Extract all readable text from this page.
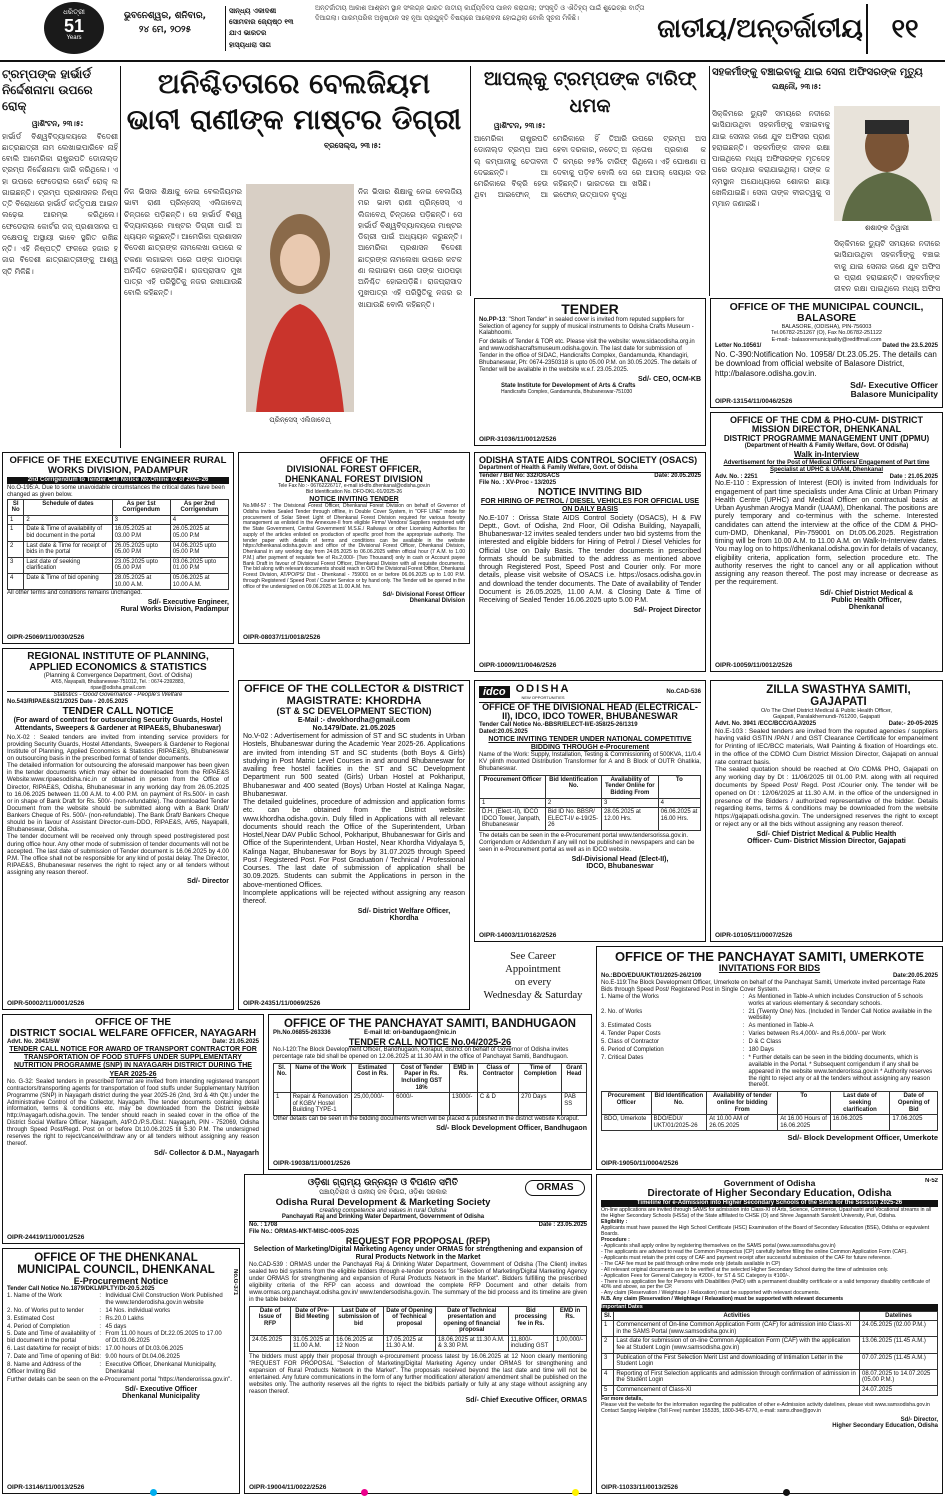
ଧରିତ୍ରୀ
51
Years
ଭୁବନେଶ୍ୱର, ଶନିବାର,
୨୪ ମେ, ୨୦୨୫
ସାନ୍ଧ୍ୟ ଏକାଦଶୀ ସୋମବାର ଜ୍ୟେଷ୍ଠ ୧୩ ଯାଏ ଭାରତର
ହାସ୍ୟଧାରା ସାଗ
ଅନ୍ତର୍ଜାତୀୟ ଆକାଶ ଆଶ୍ରମ ସ୍ଥାନ ସଂଲଗ୍ନ ଭାରତ ଜାତୀୟ କାର୍ଯ୍ୟଦିବସ ପାଳନ କରାଗଲା; ସଂସ୍କୃତି ଓ ଐତିହ୍ୟ ପାଇଁ ଶୁଭେଚ୍ଛା ବାର୍ତ୍ତା ଦିଆଗଲା। ପାରମ୍ପରିକ ଅନୁଷ୍ଠାନ ସହ ନୂଆ ପ୍ରଯୁକ୍ତି ବିଷୟରେ ଆଲୋଚନା ହୋଇଥିଲା ବୋଲି ସୂଚନା ମିଳିଛି।	ଜାତୀୟ/ଅନ୍ତର୍ଜାତୀୟ	୧୧
ଟ୍ରମ୍ପଙ୍କ ହାର୍ଭାର୍ଡ ନିର୍ଦ୍ଦେଶନାମା ଉପରେ ରୋକ୍
ୱାଶିଂଟନ, ୨୩।୫:
ହାର୍ଭାର୍ଡ ବିଶ୍ୱବିଦ୍ୟାଳୟରେ ବିଦେଶୀ ଛାତ୍ରଛାତ୍ରୀ ନାମ ଲେଖାଇପାରିବେ ନାହିଁ ବୋଲି ଆମେରିକା ରାଷ୍ଟ୍ରପତି ଡୋନାଲ୍ଡ ଟ୍ରମ୍ପ ନିର୍ଦ୍ଦେଶନାମା ଜାରି କରିଥିଲେ। ଏହା ଉପରେ ଫେଡେରାଲ କୋର୍ଟ ରୋକ୍ ଲଗାଇଛନ୍ତି। ଟ୍ରମ୍ପ ପ୍ରଶାସନର ନିଷ୍ପତ୍ତି ବିରୋଧରେ ହାର୍ଭାର୍ଡ କର୍ତ୍ତୃପକ୍ଷ ଆଇନ ଲଢ଼େଇ ଆରମ୍ଭ କରିଥିଲେ। ଫେଡେରାଲ କୋର୍ଟର ଜଜ୍ ପ୍ରଶାସନର ପଦକ୍ଷେପକୁ ଅସ୍ଥାୟୀ ଭାବେ ସ୍ଥଗିତ ରଖିଛନ୍ତି। ଏହି ନିଷ୍ପତ୍ତି ଫଳରେ ହଜାର ହଜାର ବିଦେଶୀ ଛାତ୍ରଛାତ୍ରୀଙ୍କୁ ଆଶ୍ୱସ୍ତି ମିଳିଛି।
ଅନିଶ୍ଚିତତାରେ ବେଲଜିୟମ
ଭାବୀ ରାଣୀଙ୍କ ମାଷ୍ଟର ଡିଗ୍ରୀ
ବ୍ରସେଲ୍ସ, ୨୩।୫:
ନିଜ ଭିସାର ଶିକ୍ଷାକୁ ନେଇ ବେଲଜିୟମର ଭାବୀ ରାଣୀ ପ୍ରିନ୍ସେସ୍ ଏଲିଜାବେଥ୍ ଚିନ୍ତାରେ ପଡ଼ିଛନ୍ତି। ସେ ହାର୍ଭାର୍ଡ ବିଶ୍ୱବିଦ୍ୟାଳୟରେ ମାଷ୍ଟର ଡିଗ୍ରୀ ପାଇଁ ଅଧ୍ୟୟନ କରୁଛନ୍ତି। ଆମେରିକା ପ୍ରଶାସନ ବିଦେଶୀ ଛାତ୍ରଙ୍କ ନାମଲେଖା ଉପରେ କଟକଣା ଲଗାଇବା ପରେ ତାଙ୍କ ପାଠପଢ଼ା ଅନିଶ୍ଚିତ ହୋଇପଡ଼ିଛି। ରାଜପ୍ରାସାଦ ମୁଖପାତ୍ର ଏହି ପରିସ୍ଥିତିକୁ ନଜର ରଖାଯାଉଛି ବୋଲି କହିଛନ୍ତି।
ପ୍ରିନ୍ସେସ୍ ଏଲିଜାବେଥ୍
ନିଜ ଭିସାର ଶିକ୍ଷାକୁ ନେଇ ବେଲଜିୟମର ଭାବୀ ରାଣୀ ପ୍ରିନ୍ସେସ୍ ଏଲିଜାବେଥ୍ ଚିନ୍ତାରେ ପଡ଼ିଛନ୍ତି। ସେ ହାର୍ଭାର୍ଡ ବିଶ୍ୱବିଦ୍ୟାଳୟରେ ମାଷ୍ଟର ଡିଗ୍ରୀ ପାଇଁ ଅଧ୍ୟୟନ କରୁଛନ୍ତି। ଆମେରିକା ପ୍ରଶାସନ ବିଦେଶୀ ଛାତ୍ରଙ୍କ ନାମଲେଖା ଉପରେ କଟକଣା ଲଗାଇବା ପରେ ତାଙ୍କ ପାଠପଢ଼ା ଅନିଶ୍ଚିତ ହୋଇପଡ଼ିଛି। ରାଜପ୍ରାସାଦ ମୁଖପାତ୍ର ଏହି ପରିସ୍ଥିତିକୁ ନଜର ରଖାଯାଉଛି ବୋଲି କହିଛନ୍ତି।
ଆପଲ୍‌କୁ ଟ୍ରମ୍ପଙ୍କ ଟାରିଫ୍ ଧମକ
ୱାଶିଂଟନ, ୨୩।୫:
ଆମେରିକା ରାଷ୍ଟ୍ରପତି ଡୋନାଲ୍ଡ ଟ୍ରମ୍ପ ଆପଲ୍ କମ୍ପାନୀକୁ ଚେତାବନୀ ଦେଇଛନ୍ତି। ଆମେରିକାରେ ବିକ୍ରି ହେଉଥିବା ଆଇଫୋନ୍ ଆମେରିକାରେ ହିଁ ତିଆରି ହେବା ଦରକାର, ନଚେତ୍ ଅତି କମ୍‌ରେ ୨୫% ଟାରିଫ୍ ଦେବାକୁ ପଡ଼ିବ ବୋଲି ସେ କହିଛନ୍ତି। ଭାରତରେ ଆଇଫୋନ୍ ଉତ୍ପାଦନ ବୃଦ୍ଧି ଉପରେ ଟ୍ରମ୍ପ ଅସନ୍ତୋଷ ପ୍ରକାଶ କରିଥିଲେ। ଏହି ଘୋଷଣା ପରେ ଆପଲ୍ ସେୟାର ଦର ଖସିଛି।
ସହକର୍ମୀଙ୍କୁ ବଞ୍ଚାଇବାକୁ ଯାଇ ସେନା ଅଫିସରଙ୍କ ମୃତ୍ୟୁ
ଲକ୍ଷ୍ନୌ, ୨୩।୫:
ସିକ୍କିମରେ ଡ୍ୟୁଟି ସମୟରେ ନଦୀରେ ଭାସିଯାଉଥିବା ସହକର୍ମୀଙ୍କୁ ବଞ୍ଚାଇବାକୁ ଯାଇ ସେନାର ଜଣେ ଯୁବ ଅଫିସର ପ୍ରାଣ ହରାଇଛନ୍ତି। ସହକର୍ମୀଙ୍କ ଜୀବନ ରକ୍ଷା ପାଇଥିଲେ ମଧ୍ୟ ଅଫିସରଙ୍କ ମୃତଦେହ ପରେ ଉଦ୍ଧାର କରାଯାଇଥିଲା। ତାଙ୍କ ଜନ୍ମସ୍ଥାନ ଅଯୋଧ୍ୟାରେ ଶୋକର ଛାୟା ଖେଳିଯାଇଛି। ସେନା ତାଙ୍କ ବୀରତ୍ୱକୁ ସମ୍ମାନ ଜଣାଇଛି।
ଶଶାଙ୍କ ତିୱାରୀ
ସିକ୍କିମରେ ଡ୍ୟୁଟି ସମୟରେ ନଦୀରେ ଭାସିଯାଉଥିବା ସହକର୍ମୀଙ୍କୁ ବଞ୍ଚାଇବାକୁ ଯାଇ ସେନାର ଜଣେ ଯୁବ ଅଫିସର ପ୍ରାଣ ହରାଇଛନ୍ତି। ସହକର୍ମୀଙ୍କ ଜୀବନ ରକ୍ଷା ପାଇଥିଲେ ମଧ୍ୟ ଅଫିସ
TENDER
No.PP-13: "Short Tender" in sealed cover is invited from reputed suppliers for Selection of agency for supply of musical instruments to Odisha Crafts Museum -Kalabhoomi.
For details of Tender & TOR etc. Please visit the website: www.sidacodisha.org.in and www.odishacraftsmuseum.odisha.gov.in. The last date for submission of Tender in the office of SIDAC, Handicrafts Complex, Gandamunda, Khandagiri, Bhubaneswar, Ph: 0674-2350318 is upto 05.00 P.M. on 30.05.2025. The details of Tender will be available in the website w.e.f. 23.05.2025.
Sd/- CEO, OCM-KB
State Institute for Development of Arts & Crafts
Handicrafts Complex, Gandamunda, Bhubaneswar-751030
OIPR-31036/11/0012/2526
OFFICE OF THE MUNICIPAL COUNCIL, BALASORE
BALASORE, (ODISHA), PIN-756003
Tel.06782-251267 (O), Fax No.06782-251122
E-mail:- balasoremunicipality@rediffmail.com
Letter No.10561/	Dated the 23.5.2025
No. C-390:Notification No. 10958/ Dt.23.05.25. The details can be download from official website of Balasore District, http://balasore.odisha.gov.in.
Sd/- Executive Officer
Balasore Municipality
OIPR-13154/11/0046/2526
OFFICE OF THE CDM & PHO-CUM- DISTRICT MISSION DIRECTOR, DHENKANAL
DISTRICT PROGRAMME MANAGEMENT UNIT (DPMU)
(Department of Health & Family Welfare, Govt. Of Odisha)
Walk in-Interview
Advertisement for the Post of Medical Officers/ Engagement of Part time Specialist at UPHC & UAAM, Dhenkanal
Adv. No. : 2251	Date : 21.05.2025
No.E-110 : Expression of Interest (EOI) is invited from Individuals for engagement of part time specialists under Ama Clinic at Urban Primary Health Centre (UPHC) and Medical Officer on contractual basis at Urban Ayushman Arogya Mandir (UAAM), Dhenkanal. The positions are purely temporary and co-terminus with the scheme. Interested candidates can attend the interview at the office of the CDM & PHO-cum-DMD, Dhenkanal, Pin-759001 on Dt.05.06.2025. Registration timing will be from 10.00 A.M. to 11.00 A.M. on Walk-In-Interview dates. You may log on to https://dhenkanal.odisha.gov.in for details of vacancy, eligibility criteria, application form, selection procedure etc. The authority reserves the right to cancel any or all application without assigning any reason thereof. The post may increase or decrease as per the requirement.
Sd/- Chief District Medical &
Public Health Officer,
Dhenkanal
OIPR-10059/11/0012/2526
OFFICE OF THE EXECUTIVE ENGINEER RURAL WORKS DIVISION, PADAMPUR
2nd Corrigendum to Tender Call Notice No.Online 02 of 2025-26
No.O-195:A. Due to some unavoidable circumstances the critical dates have been changed as given below.
Sl No	Schedule of dates	As per 1st Corrigendum	As per 2nd Corrigendum
1	2	3	4
1	Date & Time of availability of bid document in the portal	16.05.2025 at 03.00 P.M	26.05.2025 at 05.00 P.M
2	Last date & Time for receipt of bids in the portal	26.05.2025 upto 05.00 P.M	04.06.2025 upto 05.00 P.M
3	Last date of seeking clarification	23.05.2025 upto 05.00 P.M	03.06.2025 upto 01.00 P.M
4	Date & Time of bid opening	28.05.2025 at 10.00 A.M.	05.06.2025 at 10.00 A.M.
All other terms and conditions remains unchanged.
Sd/- Executive Engineer,
Rural Works Division, Padampur
OIPR-25069/11/0030/2526
OFFICE OF THE
DIVISIONAL FOREST OFFICER,
DHENKANAL FOREST DIVISION
Tele Fax No :- 06762226717, e-mail id-dfo.dhenkanal@odisha.gov.in
Bid Identification No. DFO-DKL-01/2025-26
NOTICE INVITING TENDER
No.MM-57 : The Divisional Forest Officer, Dhenkanal Forest Division on behalf of Governor of Odisha invites Sealed Tender through offline, in Double Cover System, in "OFF LINE" mode for procurement of Solar Street Light of Dhenkanal Forest Division required for various forestry management as enlisted in the Annexure-II from eligible Firms/ Vendors/ Suppliers registered with the State Government, Central Government/ M.S.E./ Railways or other Licensing Authorities for supply of the articles enlisted on production of specific proof from the appropriate authority. The tender paper with details of terms and conditions can be available in the website https://dhenkanal.odisha.gov.in and office of the Divisional Forest Officer, Dhenkanal Division, Dhenkanal in any working day from 24.05.2025 to 06.06.2025 within official hour (7 A.M. to 1.00 P.M.) after payment of requisite fee of Rs.2,000/- (Two Thousand) only in cash or Account payee Bank Draft in favour of Divisional Forest Officer, Dhenkanal Division with all requisite documents. The bid along with relevant documents should reach in O/O the Divisional Forest Officer, Dhenkanal Forest Division, AT/PO/PS/ Dist - Dhenkanal - 759001 on or before 06.06.2025 up to 1.00 P.M. through Registered / Speed Post / Courier Service or by hand only. The Tender will be opened in the office of the undersigned on 09.06.2025 at 11.00 A.M. hrs.
Sd/- Divisional Forest Officer
Dhenkanal Division
OIPR-08037/11/0018/2526
ODISHA STATE AIDS CONTROL SOCIETY (OSACS)
Department of Health & Family Welfare, Govt. of Odisha
Tender / Bid No: 332/OSACS	Date: 20.05.2025
File No. : XV-Proc - 13/2025
NOTICE INVITING BID
FOR HIRING OF PETROL / DIESEL VEHICLES FOR OFFICIAL USE ON DAILY BASIS
No.E-107 : Orissa State AIDS Control Society (OSACS), H & FW Deptt., Govt. of Odisha, 2nd Floor, Oil Odisha Building, Nayapalli, Bhubaneswar-12 invites sealed tenders under two bid systems from the interested and eligible bidders for Hiring of Petrol / Diesel Vehicles for Official Use on Daily Basis. The tender documents in prescribed formats should be submitted to the address as mentioned above through Registered Post, Speed Post and Courier only. For more details, please visit website of OSACS i.e. https://osacs.odisha.gov.in and download the tender documents. The Date of availability of Tender Document is 26.05.2025, 11.00 A.M. & Closing Date & Time of Receiving of Sealed Tender 16.06.2025 upto 5.00 P.M.
Sd/- Project Director
OIPR-10009/11/0046/2526
REGIONAL INSTITUTE OF PLANNING,
APPLIED ECONOMICS & STATISTICS
(Planning & Convergence Department, Govt. of Odisha)
A/65, Nayapalli, Bhubaneswar-751012, Tel. : 0674-2392883,
ripae@odisha.gmail.com
Statistics - Good Governance - People's Welfare
No.543/RIPAE&S/21/2025 Date - 20.05.2025
TENDER CALL NOTICE
(For award of contract for outsourcing Security Guards, Hostel Attendants, Sweepers & Gardener at RIPAE&S, Bhubaneswar)
No.X-02 : Sealed tenders are invited from intending service providers for providing Security Guards, Hostel Attendants, Sweepers & Gardener to Regional Institute of Planning, Applied Economics & Statistics (RIPAE&S), Bhubaneswar on outsourcing basis in the prescribed format of tender documents.
The detailed information for outsourcing the aforesaid manpower has been given in the tender documents which may either be downloaded from the RIPAE&S Website:www.ripaesodisha.nic.in or obtained in person from the Office of Director, RIPAE&S, Odisha, Bhubaneswar in any working day from 26.05.2025 to 16.06.2025 between 11.00 A.M. to 4.00 P.M. on payment of Rs.500/- in cash or in shape of Bank Draft for Rs. 500/- (non-refundable). The downloaded Tender Document from the website should be submitted along with a Bank Draft/ Bankers Cheque of Rs. 500/- (non-refundable). The Bank Draft/ Bankers Cheque should be in favour of Assistant Director-cum-DDO, RIPAE&S, A/65, Nayapalli, Bhubaneswar, Odisha.
The tender document will be received only through speed post/registered post during office hour. Any other mode of submission of tender documents will not be accepted. The last date of submission of Tender document is 16.06.2025 by 4.00 P.M. The office shall not be responsible for any kind of postal delay. The Director, RIPAE&S, Bhubaneswar reserves the right to reject any or all tenders without assigning any reason thereof.
Sd/- Director
OIPR-50002/11/0001/2526
OFFICE OF THE COLLECTOR & DISTRICT MAGISTRATE: KHORDHA
(ST & SC DEVELOPMENT SECTION)
E-Mail :- dwokhordha@gmail.com
No.1479/Date. 21.05.2025
No.V-02 : Advertisement for admission of ST and SC students in Urban Hostels, Bhubaneswar during the Academic Year 2025-26. Applications are invited from intending ST and SC students (both Boys & Girls) studying in Post Matric Level Courses in and around Bhubaneswar for availing free hostel facilities in the ST and SC Development Department run 500 seated (Girls) Urban Hostel at Pokhariput, Bhubaneswar and 400 seated (Boys) Urban Hostel at Kalinga Nagar, Bhubaneswar.
The detailed guidelines, procedure of admission and application forms etc. can be obtained from the District website: www.khordha.odisha.gov.in. Duly filled in Applications with all relevant documents should reach the Office of the Superintendent, Urban Hostel,Near DAV Public School, Pokhariput, Bhubaneswar for Girls and Office of the Superintendent, Urban Hostel, Near Khordha Vidyalaya 5, Kalinga Nagar, Bhubaneswar for Boys by 31.07.2025 through Speed Post / Registered Post. For Post Graduation / Technical / Professional Courses. The last date of submission of application shall be 30.09.2025. Students can submit the Applications in person in the above-mentioned Offices.
Incomplete applications will be rejected without assigning any reason thereof.
Sd/- District Welfare Officer,
Khordha
OIPR-24351/11/0069/2526
idco ODISHA
NEW OPPORTUNITIES
No.CAD-536
OFFICE OF THE DIVISIONAL HEAD (ELECTRICAL-II), IDCO, IDCO TOWER, BHUBANESWAR
Tender Call Notice No.-BBSR/ELECT-II/E-358/25-26/1319
Dated:20.05.2025
NOTICE INVITING TENDER UNDER NATIONAL COMPETITIVE BIDDING THROUGH e-Procurement
Name of the Work: Supply, Installation, Testing & Commissioning of 500KVA, 11/0.4 KV plinth mounted Distribution Transformer for A and B Block of OUTR Ghatikia, Bhubaneswar.
Procurement Officer	Bid Identification No.	Availability of Tender Online for Bidding From	To
1	2	3	4
D.H. (Elect.-II), IDCO IDCO Tower, Janpath, Bhubaneswar	Bid ID No. BBSR/ ELECT-II/ e-19/25-26	28.05.2025 at 12.00 Hrs.	06.06.2025 at 16.00 Hrs.
The details can be seen in the e-Procurement portal www.tendersorissa.gov.in. Corrigendum or Addendum if any will not be published in newspapers and can be seen in e-Procurement portal as well as in IDCO website.
Sd/-Divisional Head (Elect-II),
IDCO, Bhubaneswar
OIPR-14003/11/0162/2526
ZILLA SWASTHYA SAMITI, GAJAPATI
O/o The Chief District Medical & Public Health Officer,
Gajapati, Paralakhemundi-761200, Gajapati
Advt. No. 3941 /ECC/BCC/GAJ/2025	Date:- 20-05-2025
No.E-103 : Sealed tenders are invited from the reputed agencies / suppliers having valid GSTIN /PAN / and GST Clearance Certificate for empanelment for Printing of IEC/BCC materials, Wall Painting & fixation of Hoardings etc. in the office of the CDMO Cum District Mission Director, Gajapati on annual rate contract basis.
The sealed quotation should be reached at O/o CDM& PHO, Gajapati on any working day by Dt : 11/06/2025 till 01.00 P.M. along with all required documents by Speed Post/ Regd. Post /Courier only. The tender will be opened on Dt : 12/06/2025 at 11.30 A.M. in the office of the undersigned in presence of the Bidders / authorized representative of the bidder. Details regarding items, terms & conditions may be downloaded from the website https://gajapati.odisha.gov.in. The undersigned reserves the right to except or reject any or all the bids without assigning any reason thereof.
Sd/- Chief District Medical & Public Health
Officer- Cum- District Mission Director, Gajapati
OIPR-10105/11/0007/2526
See Career
Appointment
on every
Wednesday & Saturday
OFFICE OF THE PANCHAYAT SAMITI, UMERKOTE
INVITATIONS FOR BIDS
No.:BDO/EDU/UKT/01/2025-26/2109	Date:20.05.2025
No.E-119:The Block Development Officer, Umerkote on behalf of the Panchayat Samiti, Umerkote invited percentage Rate Bids through Speed Post/ Registered Post in Single Cover System.
1. Name of the Works	: As Mentioned in Table-A which includes Construction of 5 schools works at various elementary & secondary schools.
2. No. of Works	: 21 (Twenty One) Nos. (Included in Tender Call Notice available in the website)
3. Estimated Costs	: As mentioned in Table-A
4. Tender Paper Costs	: Varies between Rs.4,000/- and Rs.6,000/- per Work
5. Class of Contractor	: D & C Class
6. Period of Completion	: 180 Days
7. Critical Dates	: * Further details can be seen in the bidding documents, which is available in the Portal. * Subsequent corrigendum if any shall be appeared in the website www.tenderorissa.gov.in * Authority reserves the right to reject any or all the tenders without assigning any reason thereof.
Procurement Officer	Bid Identification No.	Availability of tender online for bidding From	To	Last date of seeking clarification	Date of Opening of Bid
BDO, Umerkote	BDO/EDU/ UKT/01/2025-26	At 10.00 AM of 26.05.2025	At 16.00 Hours of 16.06.2025	16.06.2025	17.06.2025
Sd/- Block Development Officer, Umerkote
OIPR-19050/11/0004/2526
OFFICE OF THE
DISTRICT SOCIAL WELFARE OFFICER, NAYAGARH
Advt. No. 2041/SW	Date: 21.05.2025
TENDER CALL NOTICE FOR AWARD OF TRANSPORT CONTRACTOR FOR TRANSPORTATION OF FOOD STUFFS UNDER SUPPLEMENTARY NUTRITION PROGRAMME (SNP) IN NAYAGARH DISTRICT DURING THE YEAR 2025-26
No. G-32: Sealed tenders in prescribed format are invited from intending registered transport contractors/transporting agents for transportation of food stuffs under Supplementary Nutrition Programme (SNP) in Nayagarh district during the year 2025-26 (2nd, 3rd & 4th Qtr.) under the Administrative Control of the Collector, Nayagarh. The tender documents containing detail information, terms & conditions etc. may be downloaded from the District website http://nayagarh.odisha.gov.in. The tender should reach in sealed cover in the office of the District Social Welfare Officer, Nayagarh, At/P.O./P.S./Dist.: Nayagarh, PIN - 752069, Odisha through Speed Post/Regd. Post on or before Dt.10.06.2025 till 5.30 P.M. The undersigned reserves the right to reject/cancel/withdraw any or all tenders without assigning any reason thereof.
Sd/- Collector & D.M., Nayagarh
OIPR-24419/11/0001/2526
OFFICE OF THE PANCHAYAT SAMITI, BANDHUGAON
Ph.No.06855-263336                    E-mail Id: ori-bandugaon@nic.in
TENDER CALL NOTICE No.04/2025-26
No.I-120:The Block Development Officer, Bandhugaon, Koraput, district on behalf of Governor of Odisha invites percentage rate bid shall be opened on 12.06.2025 at 11.30 AM in the office of Panchayat Samiti, Bandhugaon.
Sl. No.	Name of the Work	Estimated Cost in Rs.	Cost of Tender Paper in Rs. Including GST 18%	EMD in Rs.	Class of Contractor	Time of Completion	Grant Head
1	Repair & Renovation of KGBV Hostel Building TYPE-1	25,00,000/-	6000/-	13000/-	C & D	270 Days	PAB SS
Other details can be seen in the bidding documents which will be placed & published in the district website Koraput.
Sd/- Block Development Officer, Bandhugaon
OIPR-19038/11/0001/2526
OFFICE OF THE DHENKANAL MUNICIPAL COUNCIL, DHENKANAL
E-Procurement Notice
Tender Call Notice No.1879/DKLMPLTY/Dt-20.5.2025	No.G-371
1. Name of the Work	: Individual Civil Construction Work Published the www.tenderodisha.gov.in website
2. No. of Works put to tender	: 14 Nos. individual works
3. Estimated Cost	: Rs.20.0 Lakhs
4. Period of Completion	: 45 days
5. Date and Time of availability of bid document in the portal
: From 11.00 hours of Dt.22.05.2025 to 17.00 of Dt.03.06.2025
6. Last date/time for receipt of bids : 17.00 hours of Dt.03.06.2025
7. Date and Time of opening of Bid : 9.00 hours of Dt.04.06.2025
8. Name and Address of the Officer Inviting Bid
: Executive Officer, Dhenkanal Municipality, Dhenkanal
Further details can be seen on the e-Procurement portal "https://tenderorissa.gov.in".
Sd/- Executive Officer
Dhenkanal Municipality
OIPR-13146/11/0013/2526
ଓଡ଼ିଶା ଗ୍ରାମ୍ୟ ଉନ୍ନୟନ ଓ ବିପଣନ ସମିତି
ପଞ୍ଚାୟତିରାଜ ଓ ପାନୀୟ ଜଳ ବିଭାଗ, ଓଡ଼ିଶା ସରକାର
Odisha Rural Development & Marketing Society
creating competence and values in rural Odisha
Panchayati Raj and Drinking Water Department, Government of Odisha
ORMAS
No. : 1708	Date : 23.05.2025
File No.: ORMAS-MKT-MISC-0005-2025
REQUEST FOR PROPOSAL (RFP)
Selection of Marketing/Digital Marketing Agency under ORMAS for strengthening and expansion of Rural Products Network in the Market
No.CAD-539 : ORMAS under the Panchayati Raj & Drinking Water Department, Government of Odisha (The Client) invites sealed two bid systems from the eligible bidders through e-tender process for "Selection of Marketing/Digital Marketing Agency under ORMAS for strengthening and expansion of Rural Products Network in the Market". Bidders fulfilling the prescribed eligibility criteria of the RFP can access and download the complete RFP Document and other details from www.ormas.org.panchayat.odisha.gov.in/ www.tendersodisha.gov.in. The summary of the bid process and its timeline are given in the table below:
Date of Issue of RFP	Date of Pre-Bid Meeting	Last Date of submission of bid	Date of Opening of Technical proposal	Date of Technical presentation and opening of financial proposal	Bid processing fee in Rs.	EMD in Rs.
24.05.2025	31.05.2025 at 11.00 A.M.	16.06.2025 at 12 Noon	17.05.2025 at 11.30 A.M.	18.06.2025 at 11.30 A.M. & 3.30 P.M.	11,800/- including GST	1,00,000/-
The bidders must apply their proposal through e-procurement process latest by 16.06.2025 at 12 Noon clearly mentioning "REQUEST FOR PROPOSAL "Selection of Marketing/Digital Marketing Agency under ORMAS for strengthening and expansion of Rural Products Network in the Market". The proposals received beyond the last date and time will not be entertained. Any future communications in the form of any further modification/ alteration/ amendment shall be published on the websites only. The authority reserves all the rights to reject the bid/bids partially or fully at any stage without assigning any reason thereof.
Sd/- Chief Executive Officer, ORMAS
OIPR-19004/11/0022/2526
N-52
Government of Odisha
Directorate of Higher Secondary Education, Odisha
Timeline for e-Admission into Higher Secondary Schools of the State for the Session 2025-26
On-line applications are invited through SAMS for admission into Class-XI of Arts, Science, Commerce, Upashastri and Vocational streams in all the Higher Secondary Schools (HSSs) of the State affiliated to CHSE (O) and Shree Jagannath Sanskrit University, Puri, Odisha.
Eligibility :
Applicants must have passed the High School Certificate (HSC) Examination of the Board of Secondary Education (BSE), Odisha or equivalent Boards.
Procedure :
- Applicants shall apply online by registering themselves on the SAMS portal (www.samsodisha.gov.in)
- The applicants are advised to read the Common Prospectus (CP) carefully before filling the online Common Application Form (CAF).
- Applicants must retain the print copy of CAF and payment receipt after successful submission of the CAF for future reference.
- The CAF fee must be paid through online mode only (details available in CP)
- All relevant original documents are to be verified at the selected Higher Secondary School during the time of admission only.
- Application Fees for General Category is ₹200/-, for ST & SC Category is ₹100/-.
- There is no application fee for Persons with Disabilities (PwD) with a permanent disability certificate or a valid temporary disability certificate of 40% and above, as per the CP.
- Any claim (Reservation / Weightage / Relaxation) must be supported with relevant documents.
N.B. Any claim (Reservation / Weightage / Relaxation) must be supported with relevant documents
Important Dates
Sl.	Activities	Datelines
1	Commencement of On-line Common Application Form (CAF) for admission into Class-XI in the SAMS Portal (www.samsodisha.gov.in)	24.05.2025 (02.00 P.M.)
2	Last date for submission of on-line Common Application Form (CAF) with the application fee at Student Login (www.samsodisha.gov.in)	13.06.2025 (11.45 A.M.)
3	Publication of the First Selection Merit List and downloading of Intimation Letter in the Student Login	07.07.2025 (11.45 A.M.)
4	Reporting of First Selection applicants and admission through confirmation of admission in the Student Login	08.07.2025 to 14.07.2025 (05.00 P.M.)
5	Commencement of Class-XI	24.07.2025
For more details,
Please visit the website for the information regarding the publication of other e-Admission activity datelines, please visit www.samsodisha.gov.in
Contact Sanjog Helpline (Toll Free) number 155335, 1800-345-6770, e-mail: sams.dhse@gov.in
Sd/- Director,
Higher Secondary Education, Odisha
OIPR-11033/11/0013/2526
